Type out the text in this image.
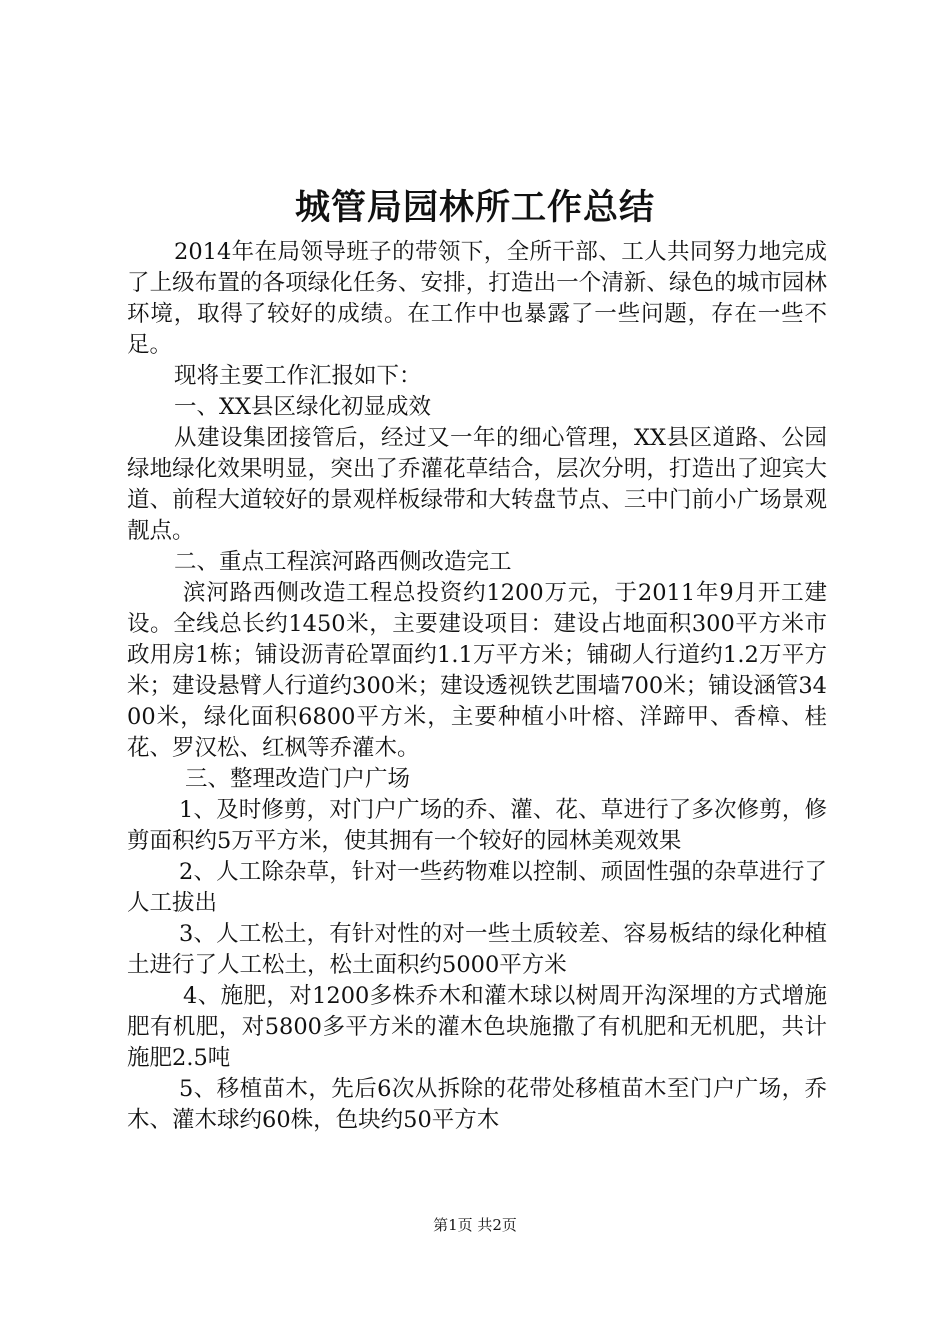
城管局园林所工作总结

2014年在局领导班子的带领下，全所干部、工人共同努力地完成了上级布置的各项绿化任务、安排，打造出一个清新、绿色的城市园林环境，取得了较好的成绩。在工作中也暴露了一些问题，存在一些不足。

现将主要工作汇报如下：

一、XX县区绿化初显成效

从建设集团接管后，经过又一年的细心管理，XX县区道路、公园绿地绿化效果明显，突出了乔灌花草结合，层次分明，打造出了迎宾大道、前程大道较好的景观样板绿带和大转盘节点、三中门前小广场景观靓点。

二、重点工程滨河路西侧改造完工

滨河路西侧改造工程总投资约1200万元，于2011年9月开工建设。全线总长约1450米，主要建设项目：建设占地面积300平方米市政用房1栋；铺设沥青砼罩面约1.1万平方米；铺砌人行道约1.2万平方米；建设悬臂人行道约300米；建设透视铁艺围墙700米；铺设涵管3400米，绿化面积6800平方米，主要种植小叶榕、洋蹄甲、香樟、桂花、罗汉松、红枫等乔灌木。

三、整理改造门户广场

1、及时修剪，对门户广场的乔、灌、花、草进行了多次修剪，修剪面积约5万平方米，使其拥有一个较好的园林美观效果

2、人工除杂草，针对一些药物难以控制、顽固性强的杂草进行了人工拔出

3、人工松土，有针对性的对一些土质较差、容易板结的绿化种植土进行了人工松土，松土面积约5000平方米

4、施肥，对1200多株乔木和灌木球以树周开沟深埋的方式增施肥有机肥，对5800多平方米的灌木色块施撒了有机肥和无机肥，共计施肥2.5吨

5、移植苗木，先后6次从拆除的花带处移植苗木至门户广场，乔木、灌木球约60株，色块约50平方木

第1页 共2页
